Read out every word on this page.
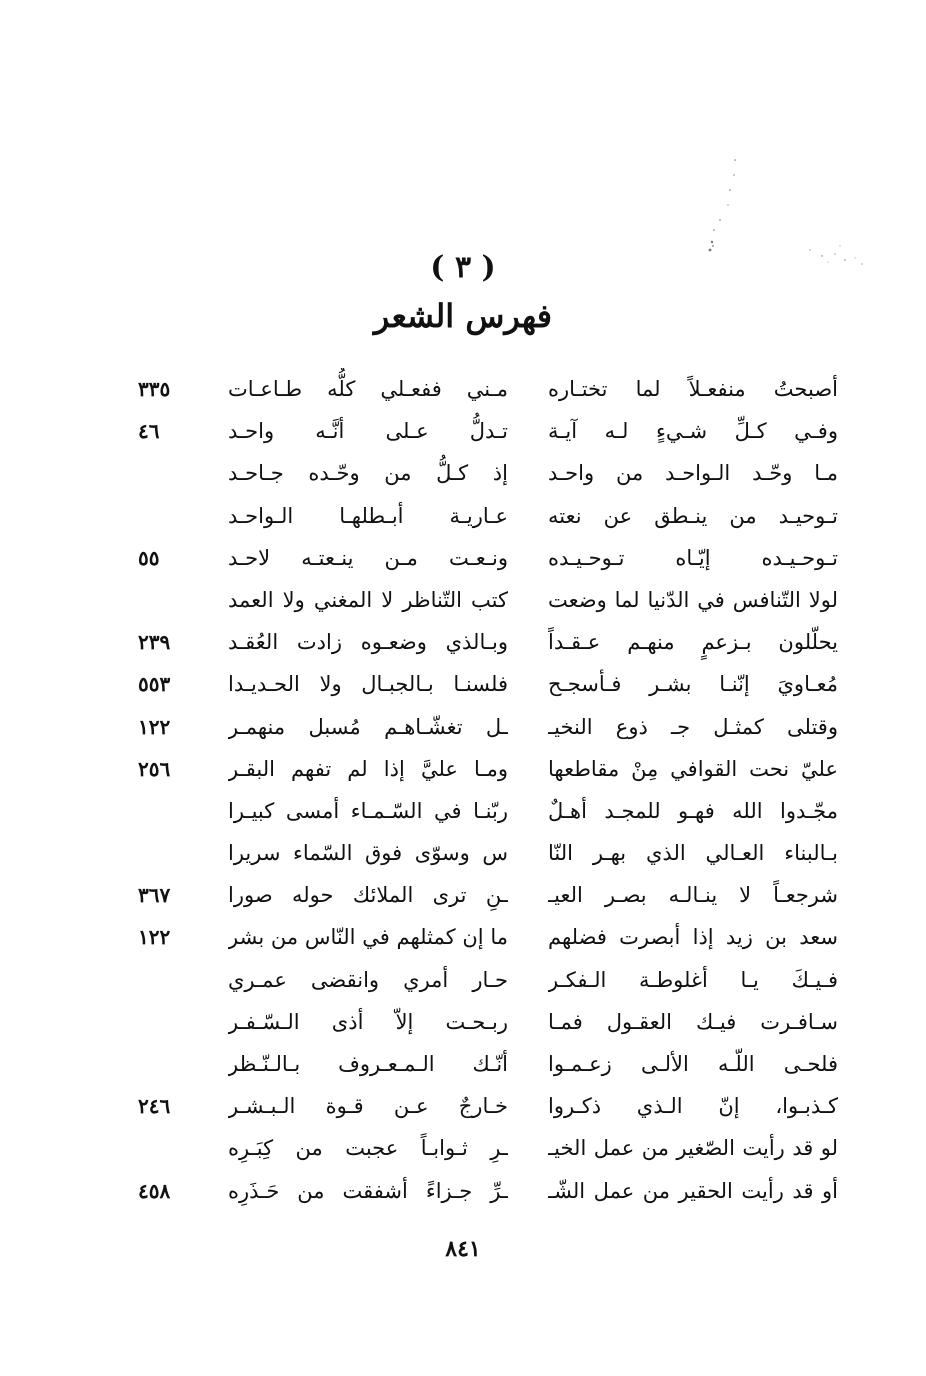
( ٣ )
فهرس الشعر
أصبحتُ منفعـلاً لما تختـاره
مـني ففعـلي كلُّه طـاعـات
٣٣٥
وفـي كـلِّ شـيءٍ لـه آيـة
تـدلُّ عـلى أنَّـه واحـد
٤٦
مـا وحّـد الـواحـد من واحـد
إذ كـلُّ من وحّـده جـاحـد
تـوحيـد من ينـطق عن نعته
عـاريـة أبـطلهـا الـواحـد
تـوحـيـده إيّـاه تـوحـيـده
ونـعـت مـن ينـعتـه لاحـد
٥٥
لولا التّنافس في الدّنيا لما وضعت
كتب التّناظر لا المغني ولا العمد
يحلّلون بـزعمٍ منهـم عـقـداً
وبـالذي وضعـوه زادت العُقـد
٢٣٩
مُعـاويَ إنّنـا بشـر فـأسجـح
فلسنـا بـالجبـال ولا الحـديـدا
٥٥٣
وقتلى كمثـل جـ ذوع النخيـ
ـل تغشّـاهـم مُسبل منهمـر
١٢٢
عليّ نحت القوافي مِنْ مقاطعها
ومـا عليَّ إذا لم تفهم البقـر
٢٥٦
مجّـدوا الله فهـو للمجـد أهـلٌ
ربّنـا في السّـمـاء أمسى كبيـرا
بـالبناء العـالي الذي بهـر النّا
س وسوّى فوق السّماء سريرا
شرجعـاً لا ينـالـه بصـر العيـ
ـنِ ترى الملائك حوله صورا
٣٦٧
سعد بن زيد إذا أبصرت فضلهم
ما إن كمثلهم في النّاس من بشر
١٢٢
فـيـكَ يـا أغلوطـة الـفكـر
حـار أمري وانقضى عمـري
سـافـرت فيـك العقـول فمـا
ربـحـت إلاّ أذى الـسّـفـر
فلحـى اللّـه الألـى زعـمـوا
أنّـك الـمـعـروف بـالـنّـظر
كـذبـوا، إنّ الـذي ذكـروا
خـارجٌ عـن قـوة الـبـشـر
٢٤٦
لو قد رأيت الصّغير من عمل الخيـ
ـرِ ثـوابـاً عجبت من كِبَـرِه
أو قد رأيت الحقير من عمل الشّـ
ـرِّ جـزاءً أشفقت من حَـذَرِه
٤٥٨
٨٤١
